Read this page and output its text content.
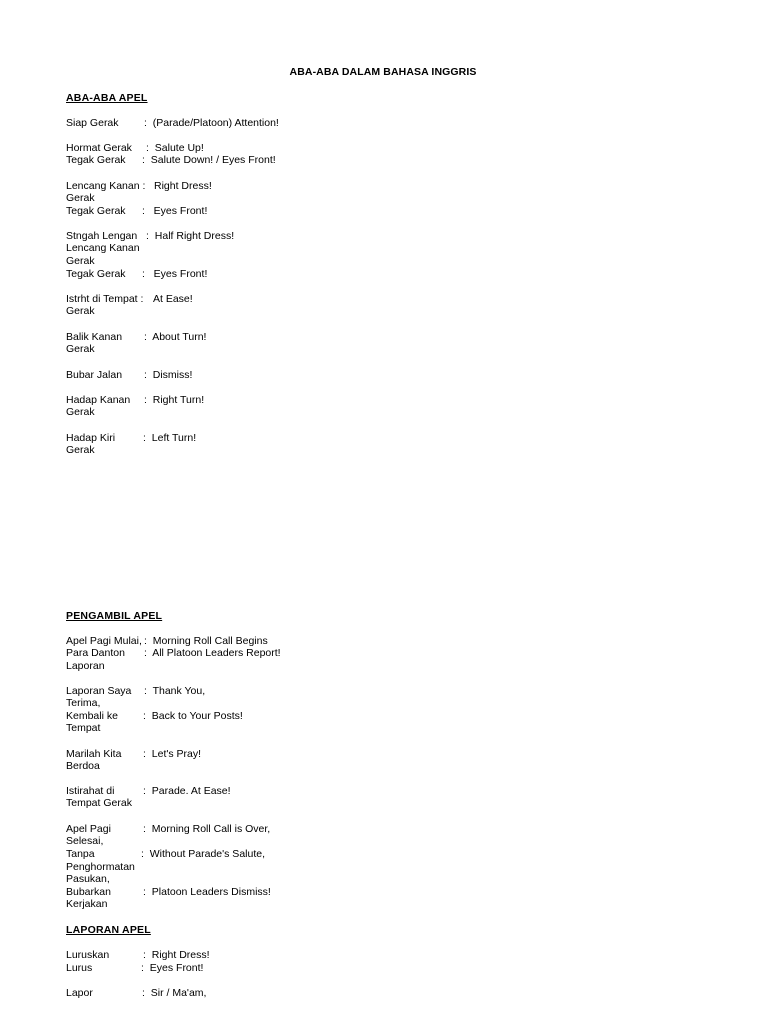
ABA-ABA DALAM BAHASA INGGRIS
ABA-ABA APEL
Siap Gerak :  (Parade/Platoon) Attention!
Hormat Gerak :  Salute Up!
Tegak Gerak :  Salute Down! / Eyes Front!
Lencang Kanan : Right Dress!
Gerak
Tegak Gerak :   Eyes Front!
Stngah Lengan :  Half Right Dress!
Lencang Kanan
Gerak
Tegak Gerak :   Eyes Front!
Istrht di Tempat : At Ease!
Gerak
Balik Kanan :  About Turn!
Gerak
Bubar Jalan :  Dismiss!
Hadap Kanan :  Right Turn!
Gerak
Hadap Kiri	:  Left Turn!
Gerak
PENGAMBIL APEL
Apel Pagi Mulai, :  Morning Roll Call Begins
Para Danton :  All Platoon Leaders Report!
Laporan
Laporan Saya :  Thank You,
Terima,
Kembali ke :  Back to Your Posts!
Tempat
Marilah Kita :  Let's Pray!
Berdoa
Istirahat di	:  Parade. At Ease!
Tempat Gerak
Apel Pagi	:  Morning Roll Call is Over,
Selesai,
Tanpa	:  Without Parade's Salute,
Penghormatan
Pasukan,
Bubarkan	:  Platoon Leaders Dismiss!
Kerjakan
LAPORAN APEL
Luruskan	:  Right Dress!
Lurus	:  Eyes Front!
Lapor	:  Sir / Ma'am,
